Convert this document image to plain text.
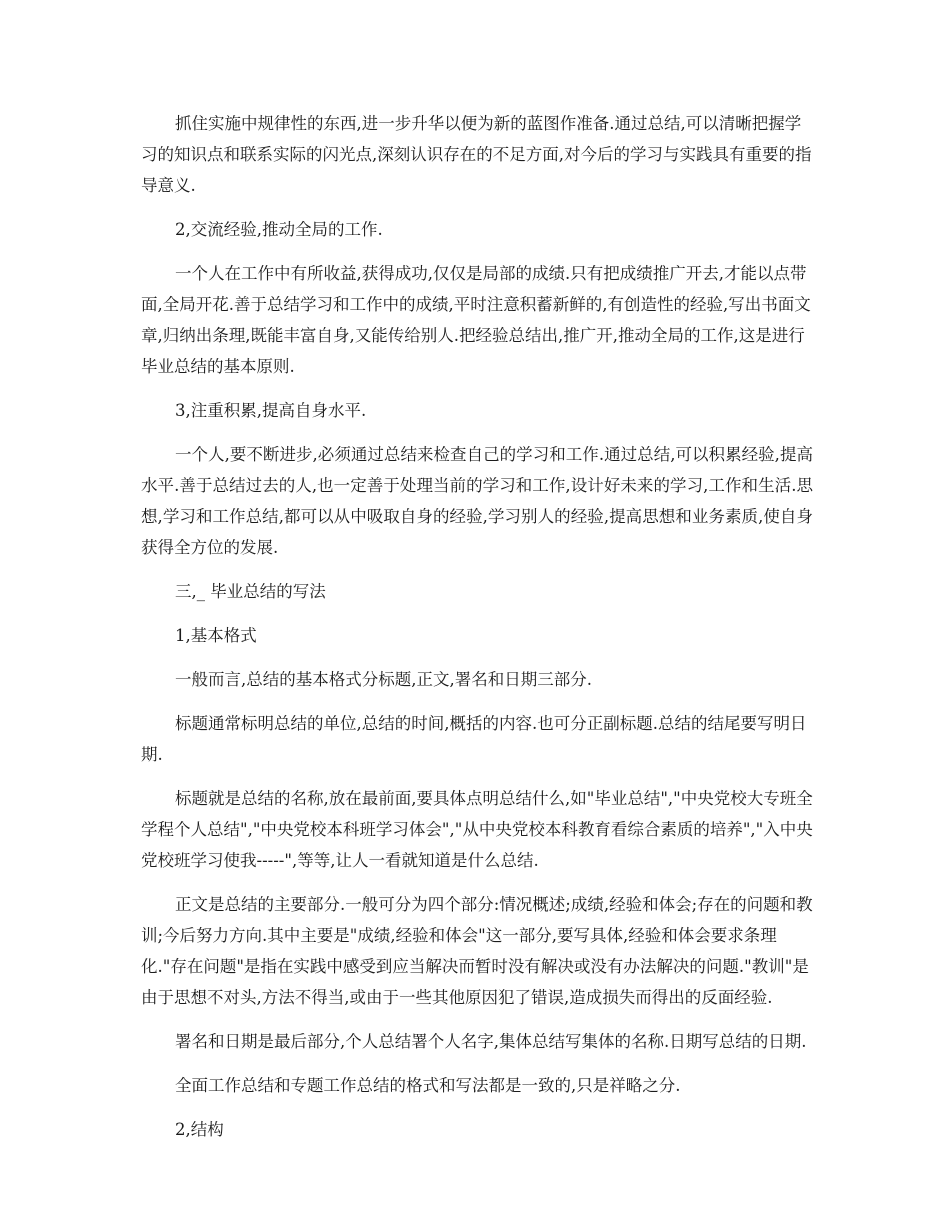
抓住实施中规律性的东西,进一步升华以便为新的蓝图作准备.通过总结,可以清晰把握学习的知识点和联系实际的闪光点,深刻认识存在的不足方面,对今后的学习与实践具有重要的指导意义.

2,交流经验,推动全局的工作.

一个人在工作中有所收益,获得成功,仅仅是局部的成绩.只有把成绩推广开去,才能以点带面,全局开花.善于总结学习和工作中的成绩,平时注意积蓄新鲜的,有创造性的经验,写出书面文章,归纳出条理,既能丰富自身,又能传给别人.把经验总结出,推广开,推动全局的工作,这是进行毕业总结的基本原则.

3,注重积累,提高自身水平.

一个人,要不断进步,必须通过总结来检查自己的学习和工作.通过总结,可以积累经验,提高水平.善于总结过去的人,也一定善于处理当前的学习和工作,设计好未来的学习,工作和生活.思想,学习和工作总结,都可以从中吸取自身的经验,学习别人的经验,提高思想和业务素质,使自身获得全方位的发展.

三,_ 毕业总结的写法

1,基本格式

一般而言,总结的基本格式分标题,正文,署名和日期三部分.

标题通常标明总结的单位,总结的时间,概括的内容.也可分正副标题.总结的结尾要写明日期.

标题就是总结的名称,放在最前面,要具体点明总结什么,如"毕业总结","中央党校大专班全学程个人总结","中央党校本科班学习体会","从中央党校本科教育看综合素质的培养","入中央党校班学习使我-----",等等,让人一看就知道是什么总结.

正文是总结的主要部分.一般可分为四个部分:情况概述;成绩,经验和体会;存在的问题和教训;今后努力方向.其中主要是"成绩,经验和体会"这一部分,要写具体,经验和体会要求条理化."存在问题"是指在实践中感受到应当解决而暂时没有解决或没有办法解决的问题."教训"是由于思想不对头,方法不得当,或由于一些其他原因犯了错误,造成损失而得出的反面经验.

署名和日期是最后部分,个人总结署个人名字,集体总结写集体的名称.日期写总结的日期.

全面工作总结和专题工作总结的格式和写法都是一致的,只是祥略之分.

2,结构
